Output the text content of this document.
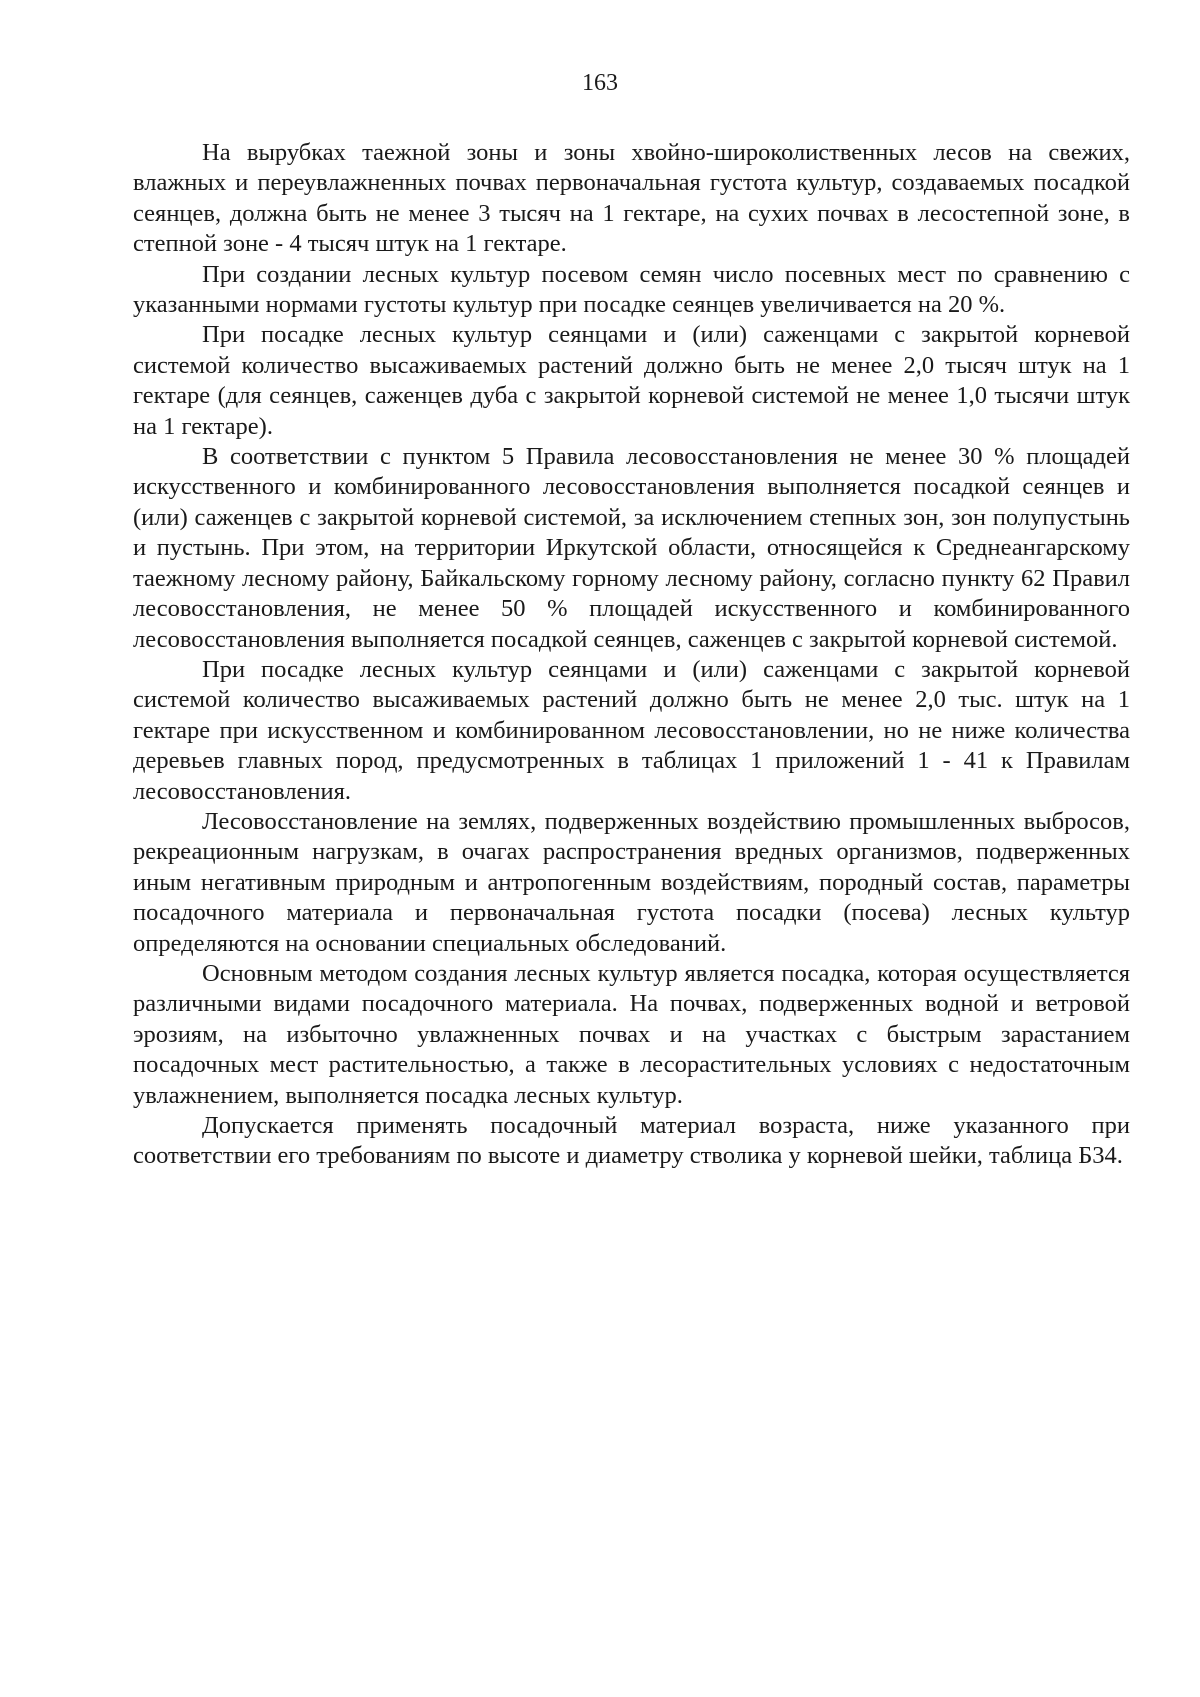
163

На вырубках таежной зоны и зоны хвойно-широколиственных лесов на свежих, влажных и переувлажненных почвах первоначальная густота культур, создаваемых посадкой сеянцев, должна быть не менее 3 тысяч на 1 гектаре, на сухих почвах в лесостепной зоне, в степной зоне - 4 тысяч штук на 1 гектаре.

При создании лесных культур посевом семян число посевных мест по сравнению с указанными нормами густоты культур при посадке сеянцев увеличивается на 20 %.

При посадке лесных культур сеянцами и (или) саженцами с закрытой корневой системой количество высаживаемых растений должно быть не менее 2,0 тысяч штук на 1 гектаре (для сеянцев, саженцев дуба с закрытой корневой системой не менее 1,0 тысячи штук на 1 гектаре).

В соответствии с пунктом 5 Правила лесовосстановления не менее 30 % площадей искусственного и комбинированного лесовосстановления выполняется посадкой сеянцев и (или) саженцев с закрытой корневой системой, за исключением степных зон, зон полупустынь и пустынь. При этом, на территории Иркутской области, относящейся к Среднеангарскому таежному лесному району, Байкальскому горному лесному району, согласно пункту 62 Правил лесовосстановления, не менее 50 % площадей искусственного и комбинированного лесовосстановления выполняется посадкой сеянцев, саженцев с закрытой корневой системой.

При посадке лесных культур сеянцами и (или) саженцами с закрытой корневой системой количество высаживаемых растений должно быть не менее 2,0 тыс. штук на 1 гектаре при искусственном и комбинированном лесовосстановлении, но не ниже количества деревьев главных пород, предусмотренных в таблицах 1 приложений 1 - 41 к Правилам лесовосстановления.

Лесовосстановление на землях, подверженных воздействию промышленных выбросов, рекреационным нагрузкам, в очагах распространения вредных организмов, подверженных иным негативным природным и антропогенным воздействиям, породный состав, параметры посадочного материала и первоначальная густота посадки (посева) лесных культур определяются на основании специальных обследований.

Основным методом создания лесных культур является посадка, которая осуществляется различными видами посадочного материала. На почвах, подверженных водной и ветровой эрозиям, на избыточно увлажненных почвах и на участках с быстрым зарастанием посадочных мест растительностью, а также в лесорастительных условиях с недостаточным увлажнением, выполняется посадка лесных культур.

Допускается применять посадочный материал возраста, ниже указанного при соответствии его требованиям по высоте и диаметру стволика у корневой шейки, таблица Б34.
